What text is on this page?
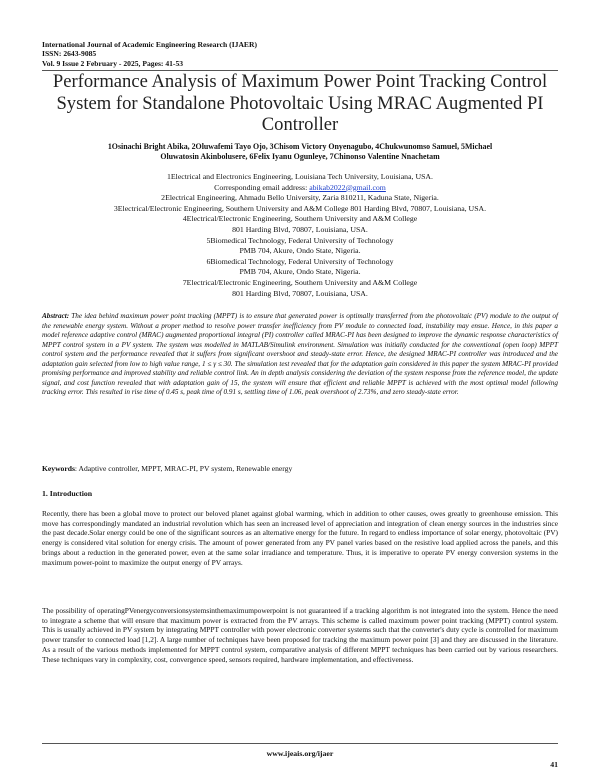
International Journal of Academic Engineering Research (IJAER)
ISSN: 2643-9085
Vol. 9 Issue 2 February - 2025, Pages: 41-53
Performance Analysis of Maximum Power Point Tracking Control System for Standalone Photovoltaic Using MRAC Augmented PI Controller
1Osinachi Bright Abika, 2Oluwafemi Tayo Ojo, 3Chisom Victory Onyenagubo, 4Chukwunomso Samuel, 5Michael
Oluwatosin Akinbolusere, 6Felix Iyanu Ogunleye, 7Chinonso Valentine Nnachetam
1Electrical and Electronics Engineering, Louisiana Tech University, Louisiana, USA.
Corresponding email address: abikab2022@gmail.com
2Electrical Engineering, Ahmadu Bello University, Zaria 810211, Kaduna State, Nigeria.
3Electrical/Electronic Engineering, Southern University and A&M College 801 Harding Blvd, 70807, Louisiana, USA.
4Electrical/Electronic Engineering, Southern University and A&M College
801 Harding Blvd, 70807, Louisiana, USA.
5Biomedical Technology, Federal University of Technology
PMB 704, Akure, Ondo State, Nigeria.
6Biomedical Technology, Federal University of Technology
PMB 704, Akure, Ondo State, Nigeria.
7Electrical/Electronic Engineering, Southern University and A&M College
801 Harding Blvd, 70807, Louisiana, USA.
Abstract: The idea behind maximum power point tracking (MPPT) is to ensure that generated power is optimally transferred from the photovoltaic (PV) module to the output of the renewable energy system. Without a proper method to resolve power transfer inefficiency from PV module to connected load, instability may ensue. Hence, in this paper a model reference adaptive control (MRAC) augmented proportional integral (PI) controller called MRAC-PI has been designed to improve the dynamic response characteristics of MPPT control system in a PV system. The system was modelled in MATLAB/Simulink environment. Simulation was initially conducted for the conventional (open loop) MPPT control system and the performance revealed that it suffers from significant overshoot and steady-state error. Hence, the designed MRAC-PI controller was introduced and the adaptation gain selected from low to high value range, 1 ≤ γ ≤ 30. The simulation test revealed that for the adaptation gain considered in this paper the system MRAC-PI provided promising performance and improved stability and reliable control link. An in depth analysis considering the deviation of the system response from the reference model, the update signal, and cost function revealed that with adaptation gain of 15, the system will ensure that efficient and reliable MPPT is achieved with the most optimal model following tracking error. This resulted in rise time of 0.45 s, peak time of 0.91 s, settling time of 1.06, peak overshoot of 2.73%, and zero steady-state error.
Keywords: Adaptive controller, MPPT, MRAC-PI, PV system, Renewable energy
1. Introduction
Recently, there has been a global move to protect our beloved planet against global warming, which in addition to other causes, owes greatly to greenhouse emission. This move has correspondingly mandated an industrial revolution which has seen an increased level of appreciation and integration of clean energy sources in the industries since the past decade.Solar energy could be one of the significant sources as an alternative energy for the future. In regard to endless importance of solar energy, photovoltaic (PV) energy is considered vital solution for energy crisis. The amount of power generated from any PV panel varies based on the resistive load applied across the panels, and this brings about a reduction in the generated power, even at the same solar irradiance and temperature. Thus, it is imperative to operate PV energy conversion systems in the maximum power-point to maximize the output energy of PV arrays.
The possibility of operatingPVenergyconversionsystemsinthemaximumpowerpoint is not guaranteed if a tracking algorithm is not integrated into the system. Hence the need to integrate a scheme that will ensure that maximum power is extracted from the PV arrays. This scheme is called maximum power point tracking (MPPT) control system. This is usually achieved in PV system by integrating MPPT controller with power electronic converter systems such that the converter's duty cycle is controlled for maximum power transfer to connected load [1,2]. A large number of techniques have been proposed for tracking the maximum power point [3] and they are discussed in the literature. As a result of the various methods implemented for MPPT control system, comparative analysis of different MPPT techniques has been carried out by various researchers. These techniques vary in complexity, cost, convergence speed, sensors required, hardware implementation, and effectiveness.
www.ijeais.org/ijaer
41
